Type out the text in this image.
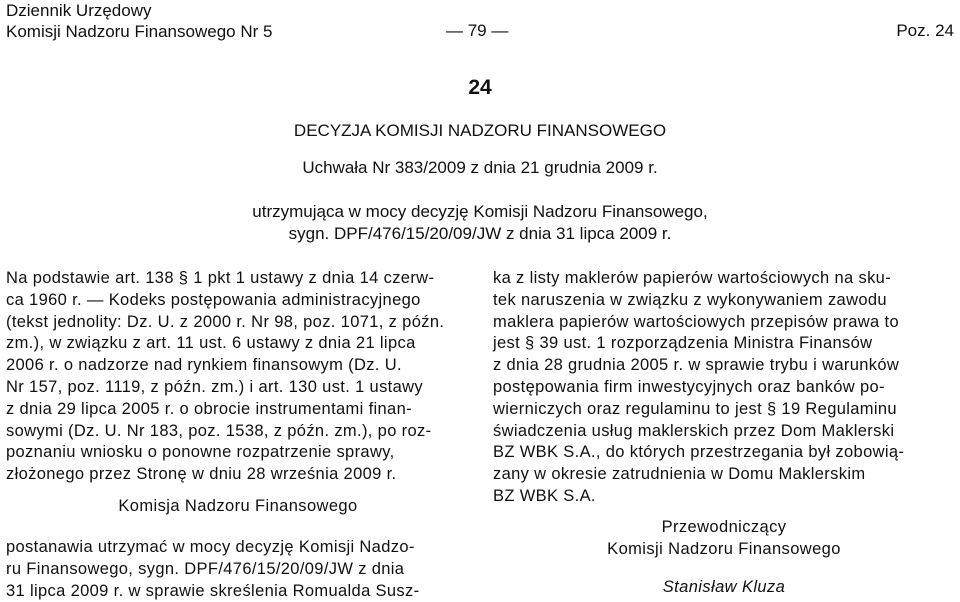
Dziennik Urzędowy
Komisji Nadzoru Finansowego Nr 5	— 79 —	Poz. 24
24
DECYZJA KOMISJI NADZORU FINANSOWEGO
Uchwała Nr 383/2009 z dnia 21 grudnia 2009 r.
utrzymująca w mocy decyzję Komisji Nadzoru Finansowego,
sygn. DPF/476/15/20/09/JW z dnia 31 lipca 2009 r.
Na podstawie art. 138 § 1 pkt 1 ustawy z dnia 14 czerw-
ca 1960 r. — Kodeks postępowania administracyjnego
(tekst jednolity: Dz. U. z 2000 r. Nr 98, poz. 1071, z późn.
zm.), w związku z art. 11 ust. 6 ustawy z dnia 21 lipca
2006 r. o nadzorze nad rynkiem finansowym (Dz. U.
Nr 157, poz. 1119, z późn. zm.) i art. 130 ust. 1 ustawy
z dnia 29 lipca 2005 r. o obrocie instrumentami finan-
sowymi (Dz. U. Nr 183, poz. 1538, z późn. zm.), po roz-
poznaniu wniosku o ponowne rozpatrzenie sprawy,
złożonego przez Stronę w dniu 28 września 2009 r.
Komisja Nadzoru Finansowego
postanawia utrzymać w mocy decyzję Komisji Nadzo-
ru Finansowego, sygn. DPF/476/15/20/09/JW z dnia
31 lipca 2009 r. w sprawie skreślenia Romualda Susz-
ka z listy maklerów papierów wartościowych na sku-
tek naruszenia w związku z wykonywaniem zawodu
maklera papierów wartościowych przepisów prawa to
jest § 39 ust. 1 rozporządzenia Ministra Finansów
z dnia 28 grudnia 2005 r. w sprawie trybu i warunków
postępowania firm inwestycyjnych oraz banków po-
wierniczych oraz regulaminu to jest § 19 Regulaminu
świadczenia usług maklerskich przez Dom Maklerski
BZ WBK S.A., do których przestrzegania był zobowią-
zany w okresie zatrudnienia w Domu Maklerskim
BZ WBK S.A.
Przewodniczący
Komisji Nadzoru Finansowego
Stanisław Kluza
